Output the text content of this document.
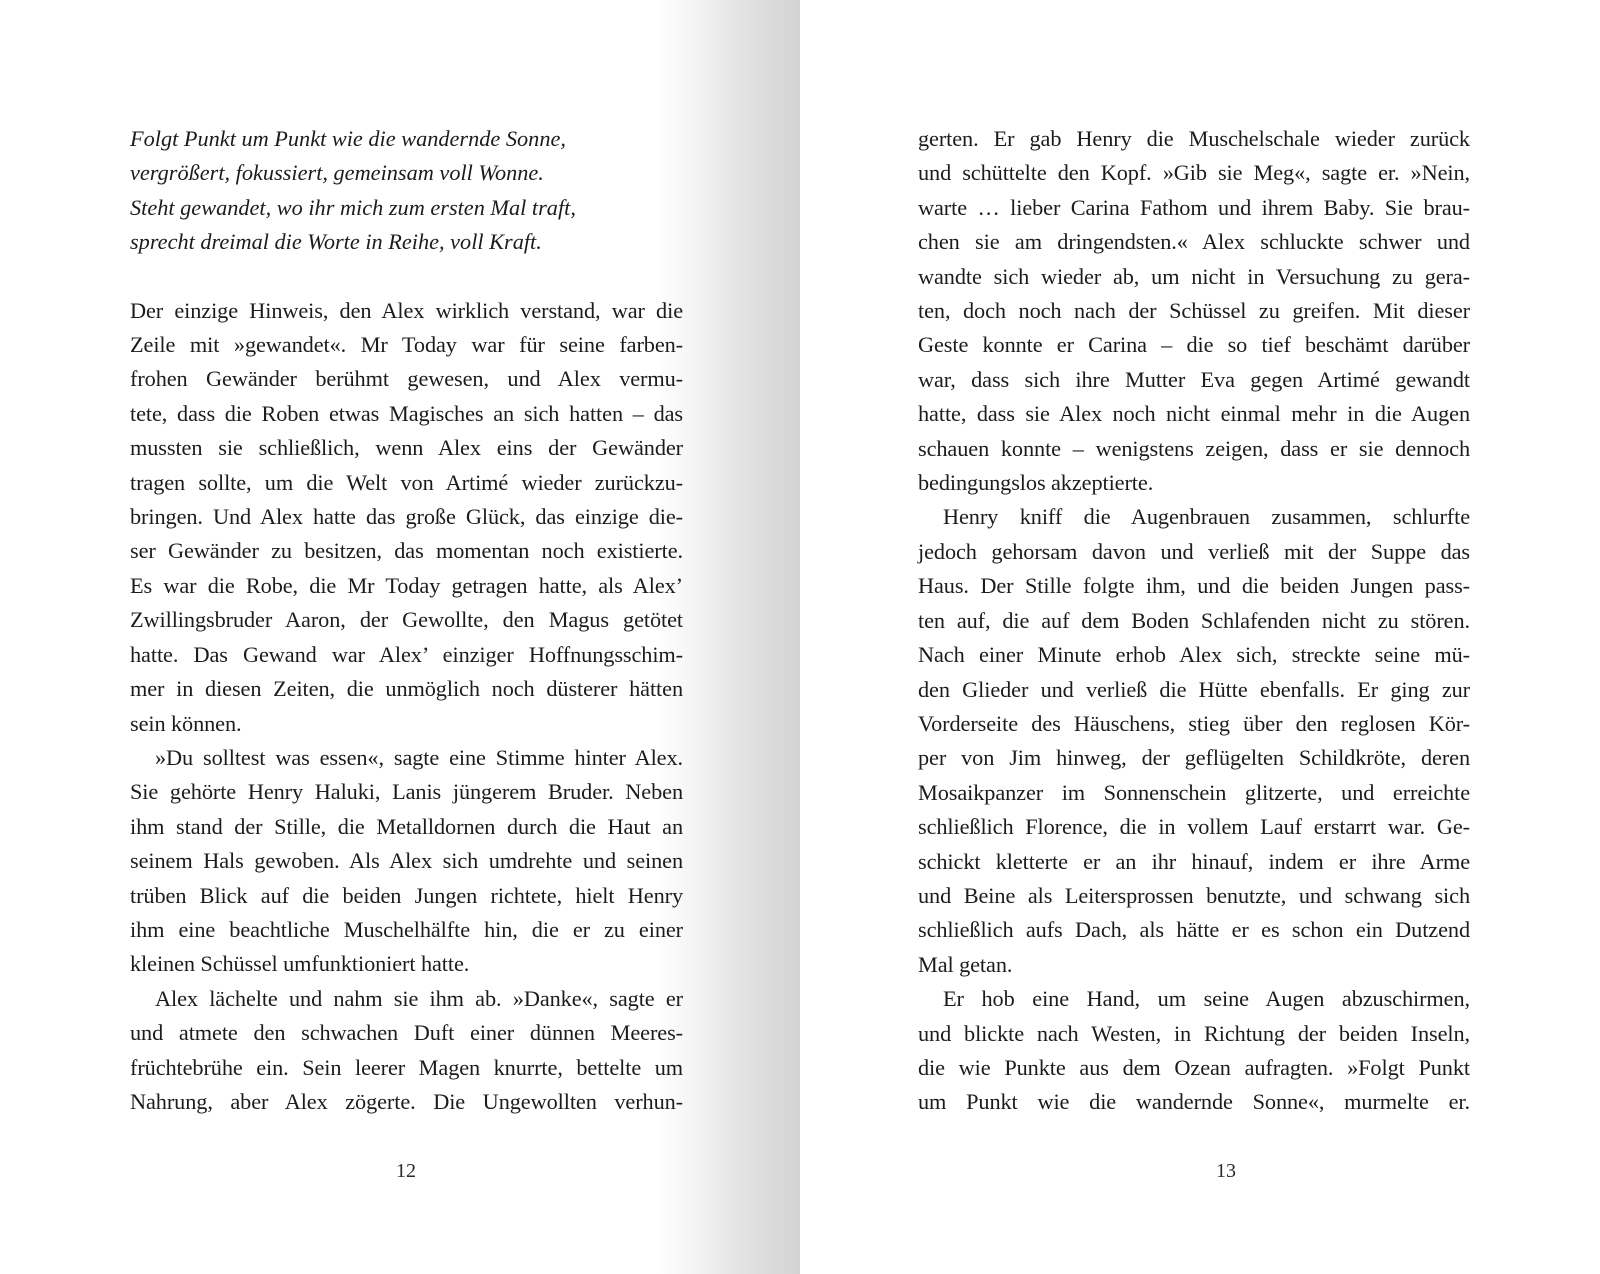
Folgt Punkt um Punkt wie die wandernde Sonne,
vergrößert, fokussiert, gemeinsam voll Wonne.
Steht gewandet, wo ihr mich zum ersten Mal traft,
sprecht dreimal die Worte in Reihe, voll Kraft.
Der einzige Hinweis, den Alex wirklich verstand, war die
Zeile mit »gewandet«. Mr Today war für seine farben-
frohen Gewänder berühmt gewesen, und Alex vermu-
tete, dass die Roben etwas Magisches an sich hatten – das
mussten sie schließlich, wenn Alex eins der Gewänder
tragen sollte, um die Welt von Artimé wieder zurückzu-
bringen. Und Alex hatte das große Glück, das einzige die-
ser Gewänder zu besitzen, das momentan noch existierte.
Es war die Robe, die Mr Today getragen hatte, als Alex’
Zwillingsbruder Aaron, der Gewollte, den Magus getötet
hatte. Das Gewand war Alex’ einziger Hoffnungsschim-
mer in diesen Zeiten, die unmöglich noch düsterer hätten
sein können.
»Du solltest was essen«, sagte eine Stimme hinter Alex.
Sie gehörte Henry Haluki, Lanis jüngerem Bruder. Neben
ihm stand der Stille, die Metalldornen durch die Haut an
seinem Hals gewoben. Als Alex sich umdrehte und seinen
trüben Blick auf die beiden Jungen richtete, hielt Henry
ihm eine beachtliche Muschelhälfte hin, die er zu einer
kleinen Schüssel umfunktioniert hatte.
Alex lächelte und nahm sie ihm ab. »Danke«, sagte er
und atmete den schwachen Duft einer dünnen Meeres-
früchtebrühe ein. Sein leerer Magen knurrte, bettelte um
Nahrung, aber Alex zögerte. Die Ungewollten verhun-
12
gerten. Er gab Henry die Muschelschale wieder zurück
und schüttelte den Kopf. »Gib sie Meg«, sagte er. »Nein,
warte … lieber Carina Fathom und ihrem Baby. Sie brau-
chen sie am dringendsten.« Alex schluckte schwer und
wandte sich wieder ab, um nicht in Versuchung zu gera-
ten, doch noch nach der Schüssel zu greifen. Mit dieser
Geste konnte er Carina – die so tief beschämt darüber
war, dass sich ihre Mutter Eva gegen Artimé gewandt
hatte, dass sie Alex noch nicht einmal mehr in die Augen
schauen konnte – wenigstens zeigen, dass er sie dennoch
bedingungslos akzeptierte.
Henry kniff die Augenbrauen zusammen, schlurfte
jedoch gehorsam davon und verließ mit der Suppe das
Haus. Der Stille folgte ihm, und die beiden Jungen pass-
ten auf, die auf dem Boden Schlafenden nicht zu stören.
Nach einer Minute erhob Alex sich, streckte seine mü-
den Glieder und verließ die Hütte ebenfalls. Er ging zur
Vorderseite des Häuschens, stieg über den reglosen Kör-
per von Jim hinweg, der geflügelten Schildkröte, deren
Mosaikpanzer im Sonnenschein glitzerte, und erreichte
schließlich Florence, die in vollem Lauf erstarrt war. Ge-
schickt kletterte er an ihr hinauf, indem er ihre Arme
und Beine als Leitersprossen benutzte, und schwang sich
schließlich aufs Dach, als hätte er es schon ein Dutzend
Mal getan.
Er hob eine Hand, um seine Augen abzuschirmen,
und blickte nach Westen, in Richtung der beiden Inseln,
die wie Punkte aus dem Ozean aufragten. »Folgt Punkt
um Punkt wie die wandernde Sonne«, murmelte er.
13
